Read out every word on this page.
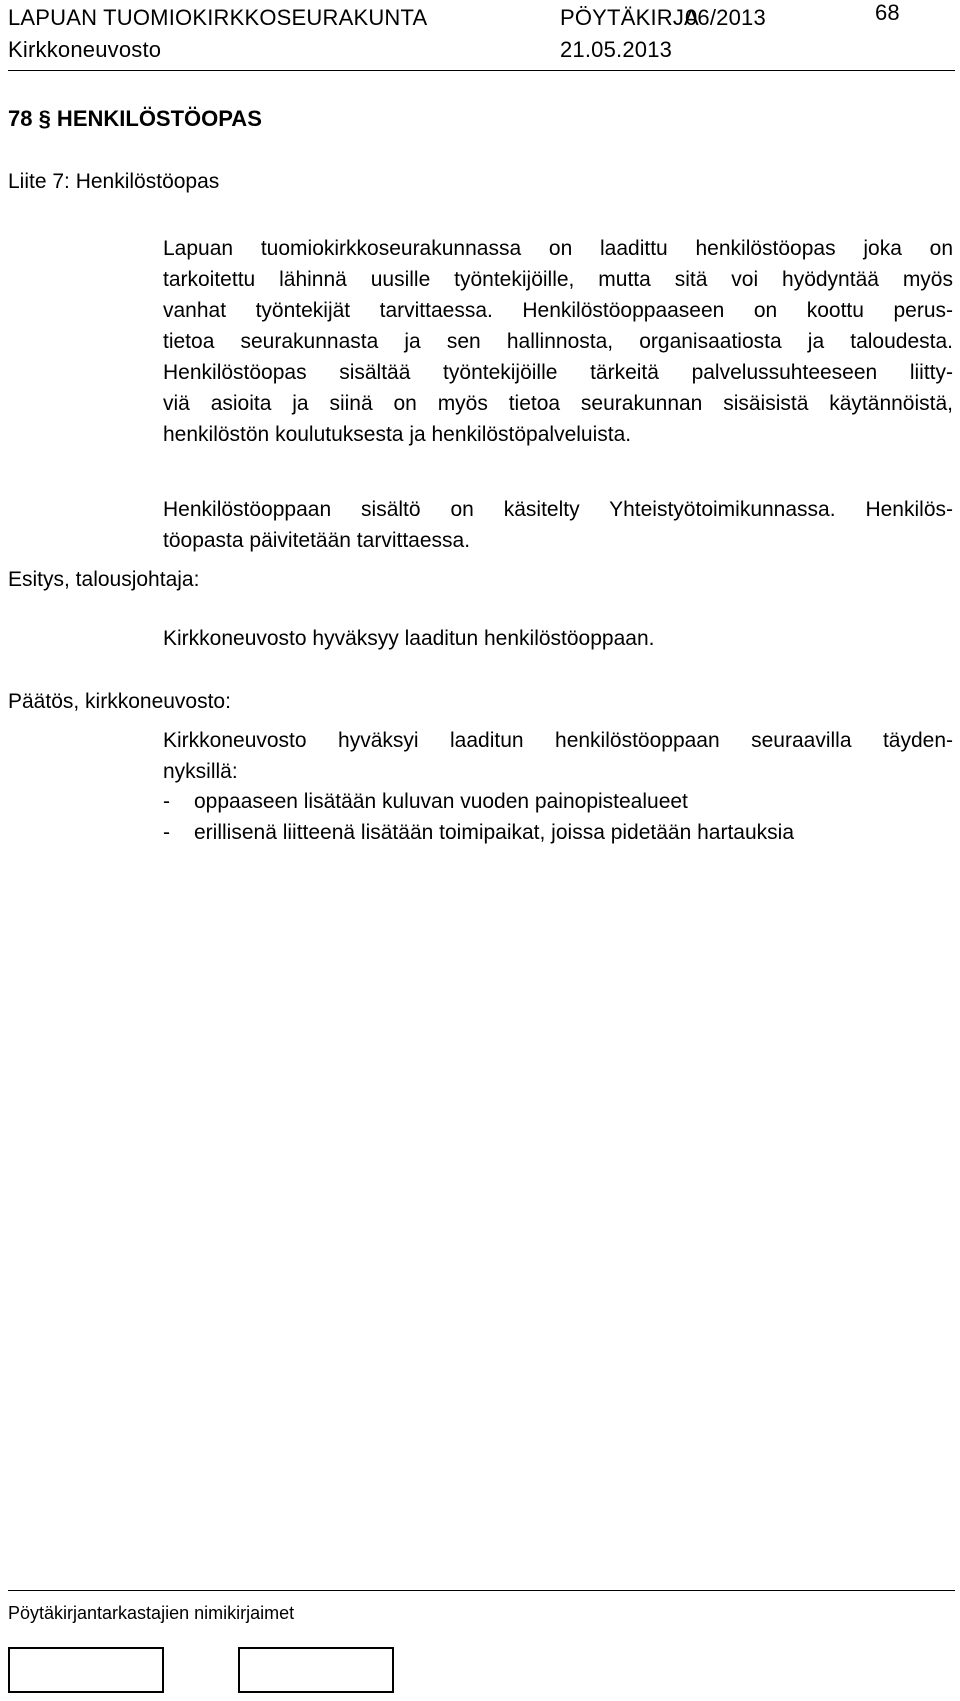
LAPUAN TUOMIOKIRKKOSEURAKUNTA	PÖYTÄKIRJA
06/2013	68
Kirkkoneuvosto	21.05.2013
78 § HENKILÖSTÖOPAS
Liite 7: Henkilöstöopas
Lapuan tuomiokirkkoseurakunnassa on laadittu henkilöstöopas joka on
tarkoitettu lähinnä uusille työntekijöille, mutta sitä voi hyödyntää myös
vanhat työntekijät tarvittaessa. Henkilöstöoppaaseen on koottu perus-
tietoa seurakunnasta ja sen hallinnosta, organisaatiosta ja taloudesta.
Henkilöstöopas sisältää työntekijöille tärkeitä palvelussuhteeseen liitty-
viä asioita ja siinä on myös tietoa seurakunnan sisäisistä käytännöistä,
henkilöstön koulutuksesta ja henkilöstöpalveluista.
Henkilöstöoppaan sisältö on käsitelty Yhteistyötoimikunnassa. Henkilös-
töopasta päivitetään tarvittaessa.
Esitys, talousjohtaja:
Kirkkoneuvosto hyväksyy laaditun henkilöstöoppaan.
Päätös, kirkkoneuvosto:
Kirkkoneuvosto hyväksyi laaditun henkilöstöoppaan seuraavilla täyden-
nyksillä:
- oppaaseen lisätään kuluvan vuoden painopistealueet
- erillisenä liitteenä lisätään toimipaikat, joissa pidetään hartauksia
Pöytäkirjantarkastajien nimikirjaimet
